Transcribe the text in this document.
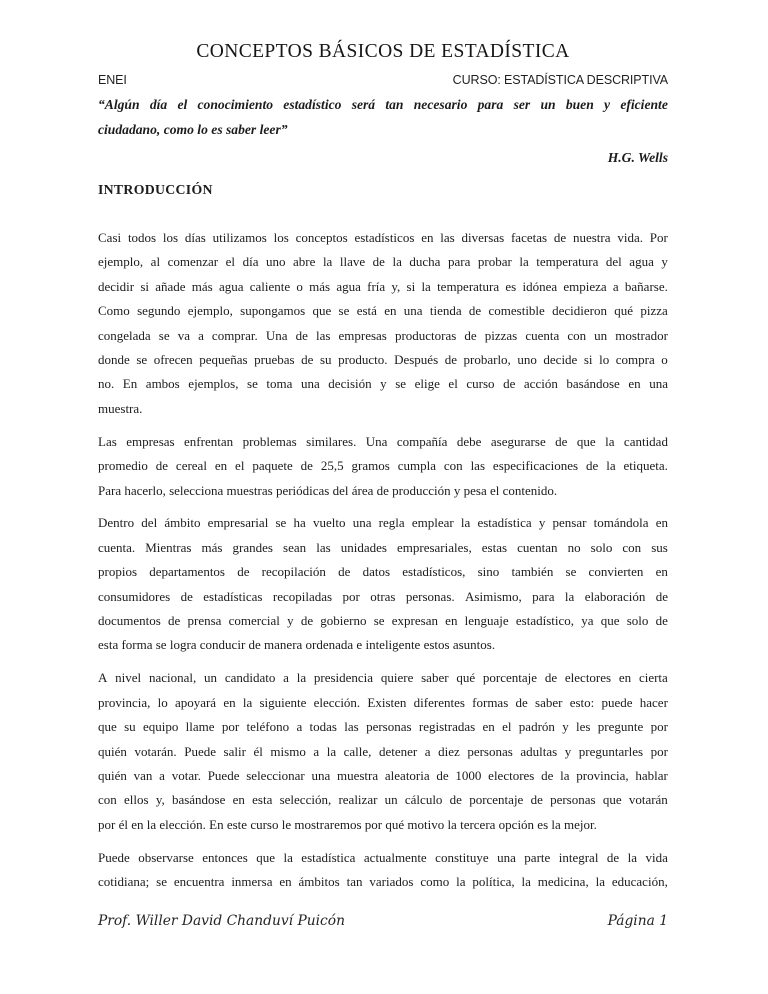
CONCEPTOS BÁSICOS DE ESTADÍSTICA
ENEI	CURSO: ESTADÍSTICA DESCRIPTIVA
“Algún día el conocimiento estadístico será tan necesario para ser un buen y eficiente
ciudadano, como lo es saber leer”
H.G. Wells
INTRODUCCIÓN
Casi todos los días utilizamos los conceptos estadísticos en las diversas facetas de nuestra vida. Por
ejemplo, al comenzar el día uno abre la llave de la ducha para probar la temperatura del agua y
decidir si añade más agua caliente o más agua fría y, si la temperatura es idónea empieza a bañarse.
Como segundo ejemplo, supongamos que se está en una tienda de comestible decidieron qué pizza
congelada se va a comprar. Una de las empresas productoras de pizzas cuenta con un mostrador
donde se ofrecen pequeñas pruebas de su producto. Después de probarlo, uno decide si lo compra o
no. En ambos ejemplos, se toma una decisión y se elige el curso de acción basándose en una
muestra.
Las empresas enfrentan problemas similares. Una compañía debe asegurarse de que la cantidad
promedio de cereal en el paquete de 25,5 gramos cumpla con las especificaciones de la etiqueta.
Para hacerlo, selecciona muestras periódicas del área de producción y pesa el contenido.
Dentro del ámbito empresarial se ha vuelto una regla emplear la estadística y pensar tomándola en
cuenta. Mientras más grandes sean las unidades empresariales, estas cuentan no solo con sus
propios departamentos de recopilación de datos estadísticos, sino también se convierten en
consumidores de estadísticas recopiladas por otras personas. Asimismo, para la elaboración de
documentos de prensa comercial y de gobierno se expresan en lenguaje estadístico, ya que solo de
esta forma se logra conducir de manera ordenada e inteligente estos asuntos.
A nivel nacional, un candidato a la presidencia quiere saber qué porcentaje de electores en cierta
provincia, lo apoyará en la siguiente elección. Existen diferentes formas de saber esto: puede hacer
que su equipo llame por teléfono a todas las personas registradas en el padrón y les pregunte por
quién votarán. Puede salir él mismo a la calle, detener a diez personas adultas y preguntarles por
quién van a votar. Puede seleccionar una muestra aleatoria de 1000 electores de la provincia, hablar
con ellos y, basándose en esta selección, realizar un cálculo de porcentaje de personas que votarán
por él en la elección. En este curso le mostraremos por qué motivo la tercera opción es la mejor.
Puede observarse entonces que la estadística actualmente constituye una parte integral de la vida
cotidiana; se encuentra inmersa en ámbitos tan variados como la política, la medicina, la educación,
Prof. Willer David Chanduví Puicón	Página 1
